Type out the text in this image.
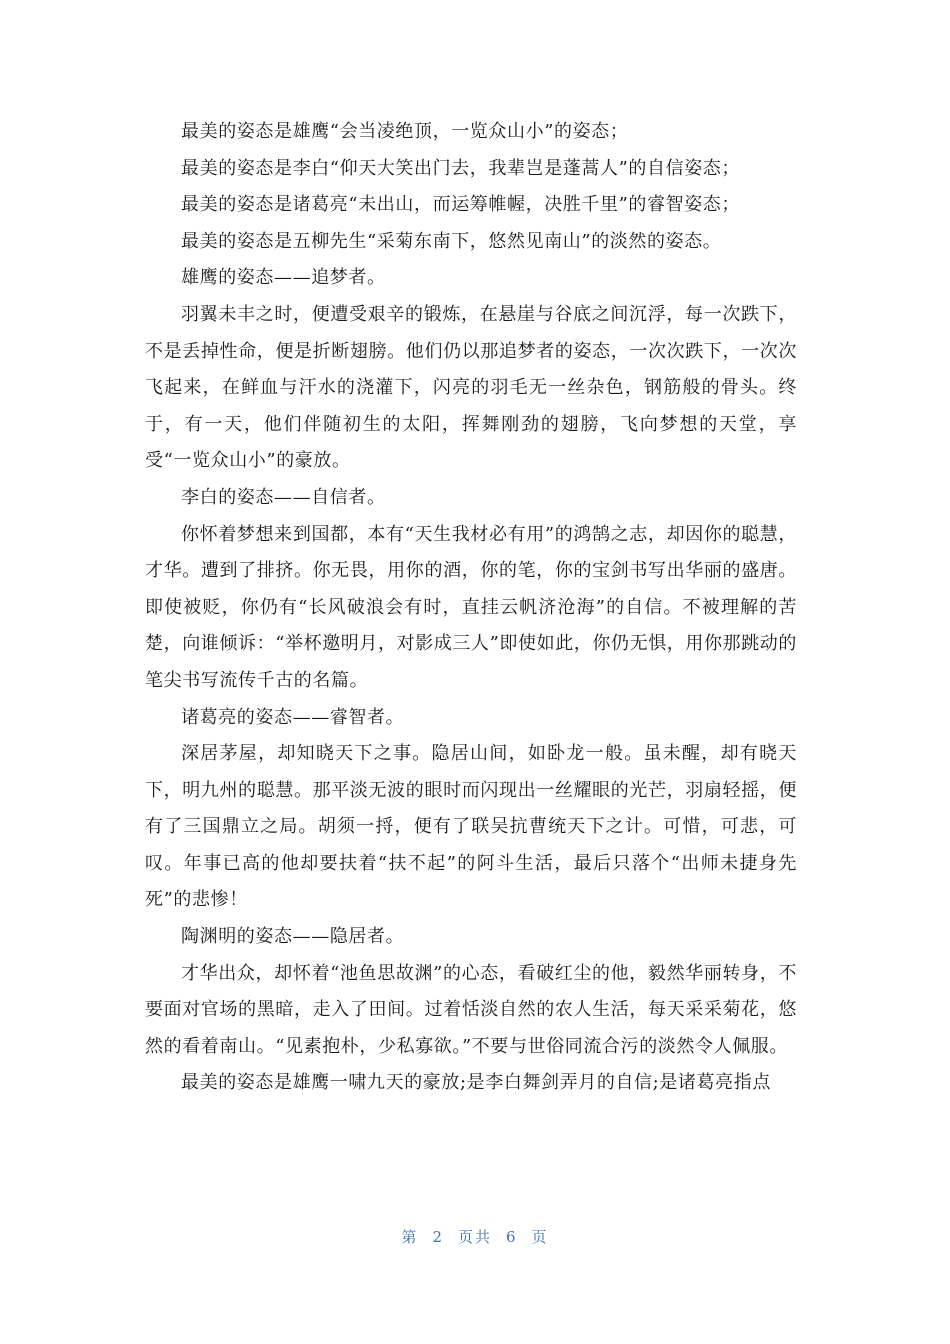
最美的姿态是雄鹰“会当凌绝顶，一览众山小”的姿态；

最美的姿态是李白“仰天大笑出门去，我辈岂是蓬蒿人”的自信姿态；

最美的姿态是诸葛亮“未出山，而运筹帷幄，决胜千里”的睿智姿态；

最美的姿态是五柳先生“采菊东南下，悠然见南山”的淡然的姿态。

雄鹰的姿态——追梦者。

羽翼未丰之时，便遭受艰辛的锻炼，在悬崖与谷底之间沉浮，每一次跌下，不是丢掉性命，便是折断翅膀。他们仍以那追梦者的姿态，一次次跌下，一次次飞起来，在鲜血与汗水的浇灌下，闪亮的羽毛无一丝杂色，钢筋般的骨头。终于，有一天，他们伴随初生的太阳，挥舞刚劲的翅膀，飞向梦想的天堂，享受“一览众山小”的豪放。

李白的姿态——自信者。

你怀着梦想来到国都，本有“天生我材必有用”的鸿鹄之志，却因你的聪慧，才华。遭到了排挤。你无畏，用你的酒，你的笔，你的宝剑书写出华丽的盛唐。即使被贬，你仍有“长风破浪会有时，直挂云帆济沧海”的自信。不被理解的苦楚，向谁倾诉：“举杯邀明月，对影成三人”即使如此，你仍无惧，用你那跳动的笔尖书写流传千古的名篇。

诸葛亮的姿态——睿智者。

深居茅屋，却知晓天下之事。隐居山间，如卧龙一般。虽未醒，却有晓天下，明九州的聪慧。那平淡无波的眼时而闪现出一丝耀眼的光芒，羽扇轻摇，便有了三国鼎立之局。胡须一捋，便有了联吴抗曹统天下之计。可惜，可悲，可叹。年事已高的他却要扶着“扶不起”的阿斗生活，最后只落个“出师未捷身先死”的悲惨！

陶渊明的姿态——隐居者。

才华出众，却怀着“池鱼思故渊”的心态，看破红尘的他，毅然华丽转身，不要面对官场的黑暗，走入了田间。过着恬淡自然的农人生活，每天采采菊花，悠然的看着南山。“见素抱朴，少私寡欲。”不要与世俗同流合污的淡然令人佩服。

最美的姿态是雄鹰一啸九天的豪放;是李白舞剑弄月的自信;是诸葛亮指点

第 2 页共 6 页
